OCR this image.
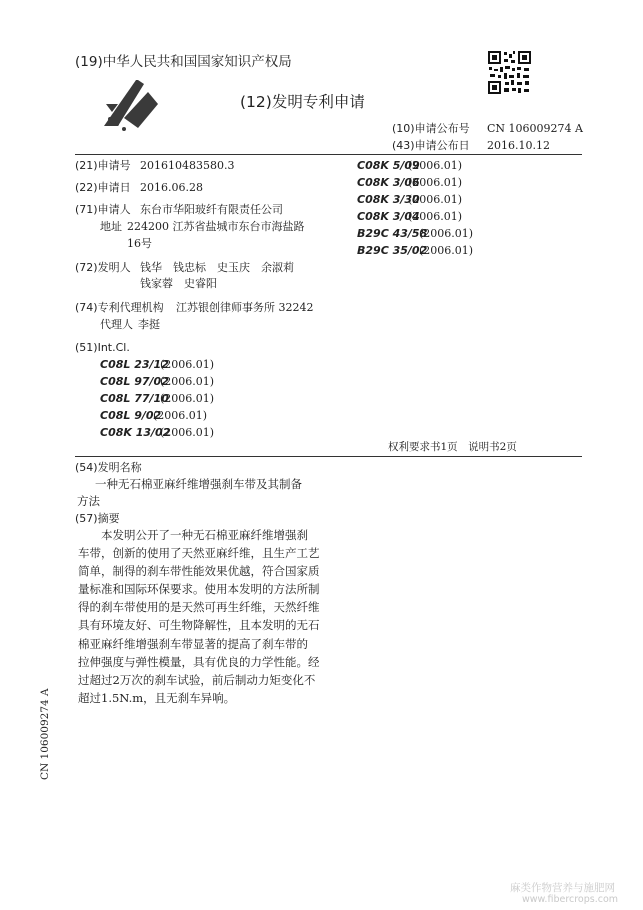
(19)中华人民共和国国家知识产权局
(12)发明专利申请
(10)申请公布号 CN 106009274 A
(43)申请公布日 2016.10.12
(21)申请号 201610483580.3
(22)申请日 2016.06.28
(71)申请人 东台市华阳玻纤有限责任公司
地址 224200 江苏省盐城市东台市海盐路
16号
(72)发明人 钱华　钱忠标　史玉庆　余淑莉
钱家蓉　史睿阳
(74)专利代理机构 江苏银创律师事务所 32242
代理人 李挺
(51)Int.Cl.
C08L 23/12
(2006.01)
C08L 97/02
(2006.01)
C08L 77/10
(2006.01)
C08L 9/02
(2006.01)
C08K 13/02
(2006.01)
C08K 5/09
(2006.01)
C08K 3/06
(2006.01)
C08K 3/30
(2006.01)
C08K 3/04
(2006.01)
B29C 43/58
(2006.01)
B29C 35/02
(2006.01)
权利要求书1页　说明书2页
(54)发明名称
一种无石棉亚麻纤维增强刹车带及其制备
方法
(57)摘要
　　本发明公开了一种无石棉亚麻纤维增强刹
车带，创新的使用了天然亚麻纤维，且生产工艺
简单，制得的刹车带性能效果优越，符合国家质
量标准和国际环保要求。使用本发明的方法所制
得的刹车带使用的是天然可再生纤维，天然纤维
具有环境友好、可生物降解性，且本发明的无石
棉亚麻纤维增强刹车带显著的提高了刹车带的
拉伸强度与弹性模量，具有优良的力学性能。经
过超过2万次的刹车试验，前后制动力矩变化不
超过1.5N.m，且无刹车异响。
CN 106009274 A
麻类作物营养与施肥网
www.fibercrops.com
